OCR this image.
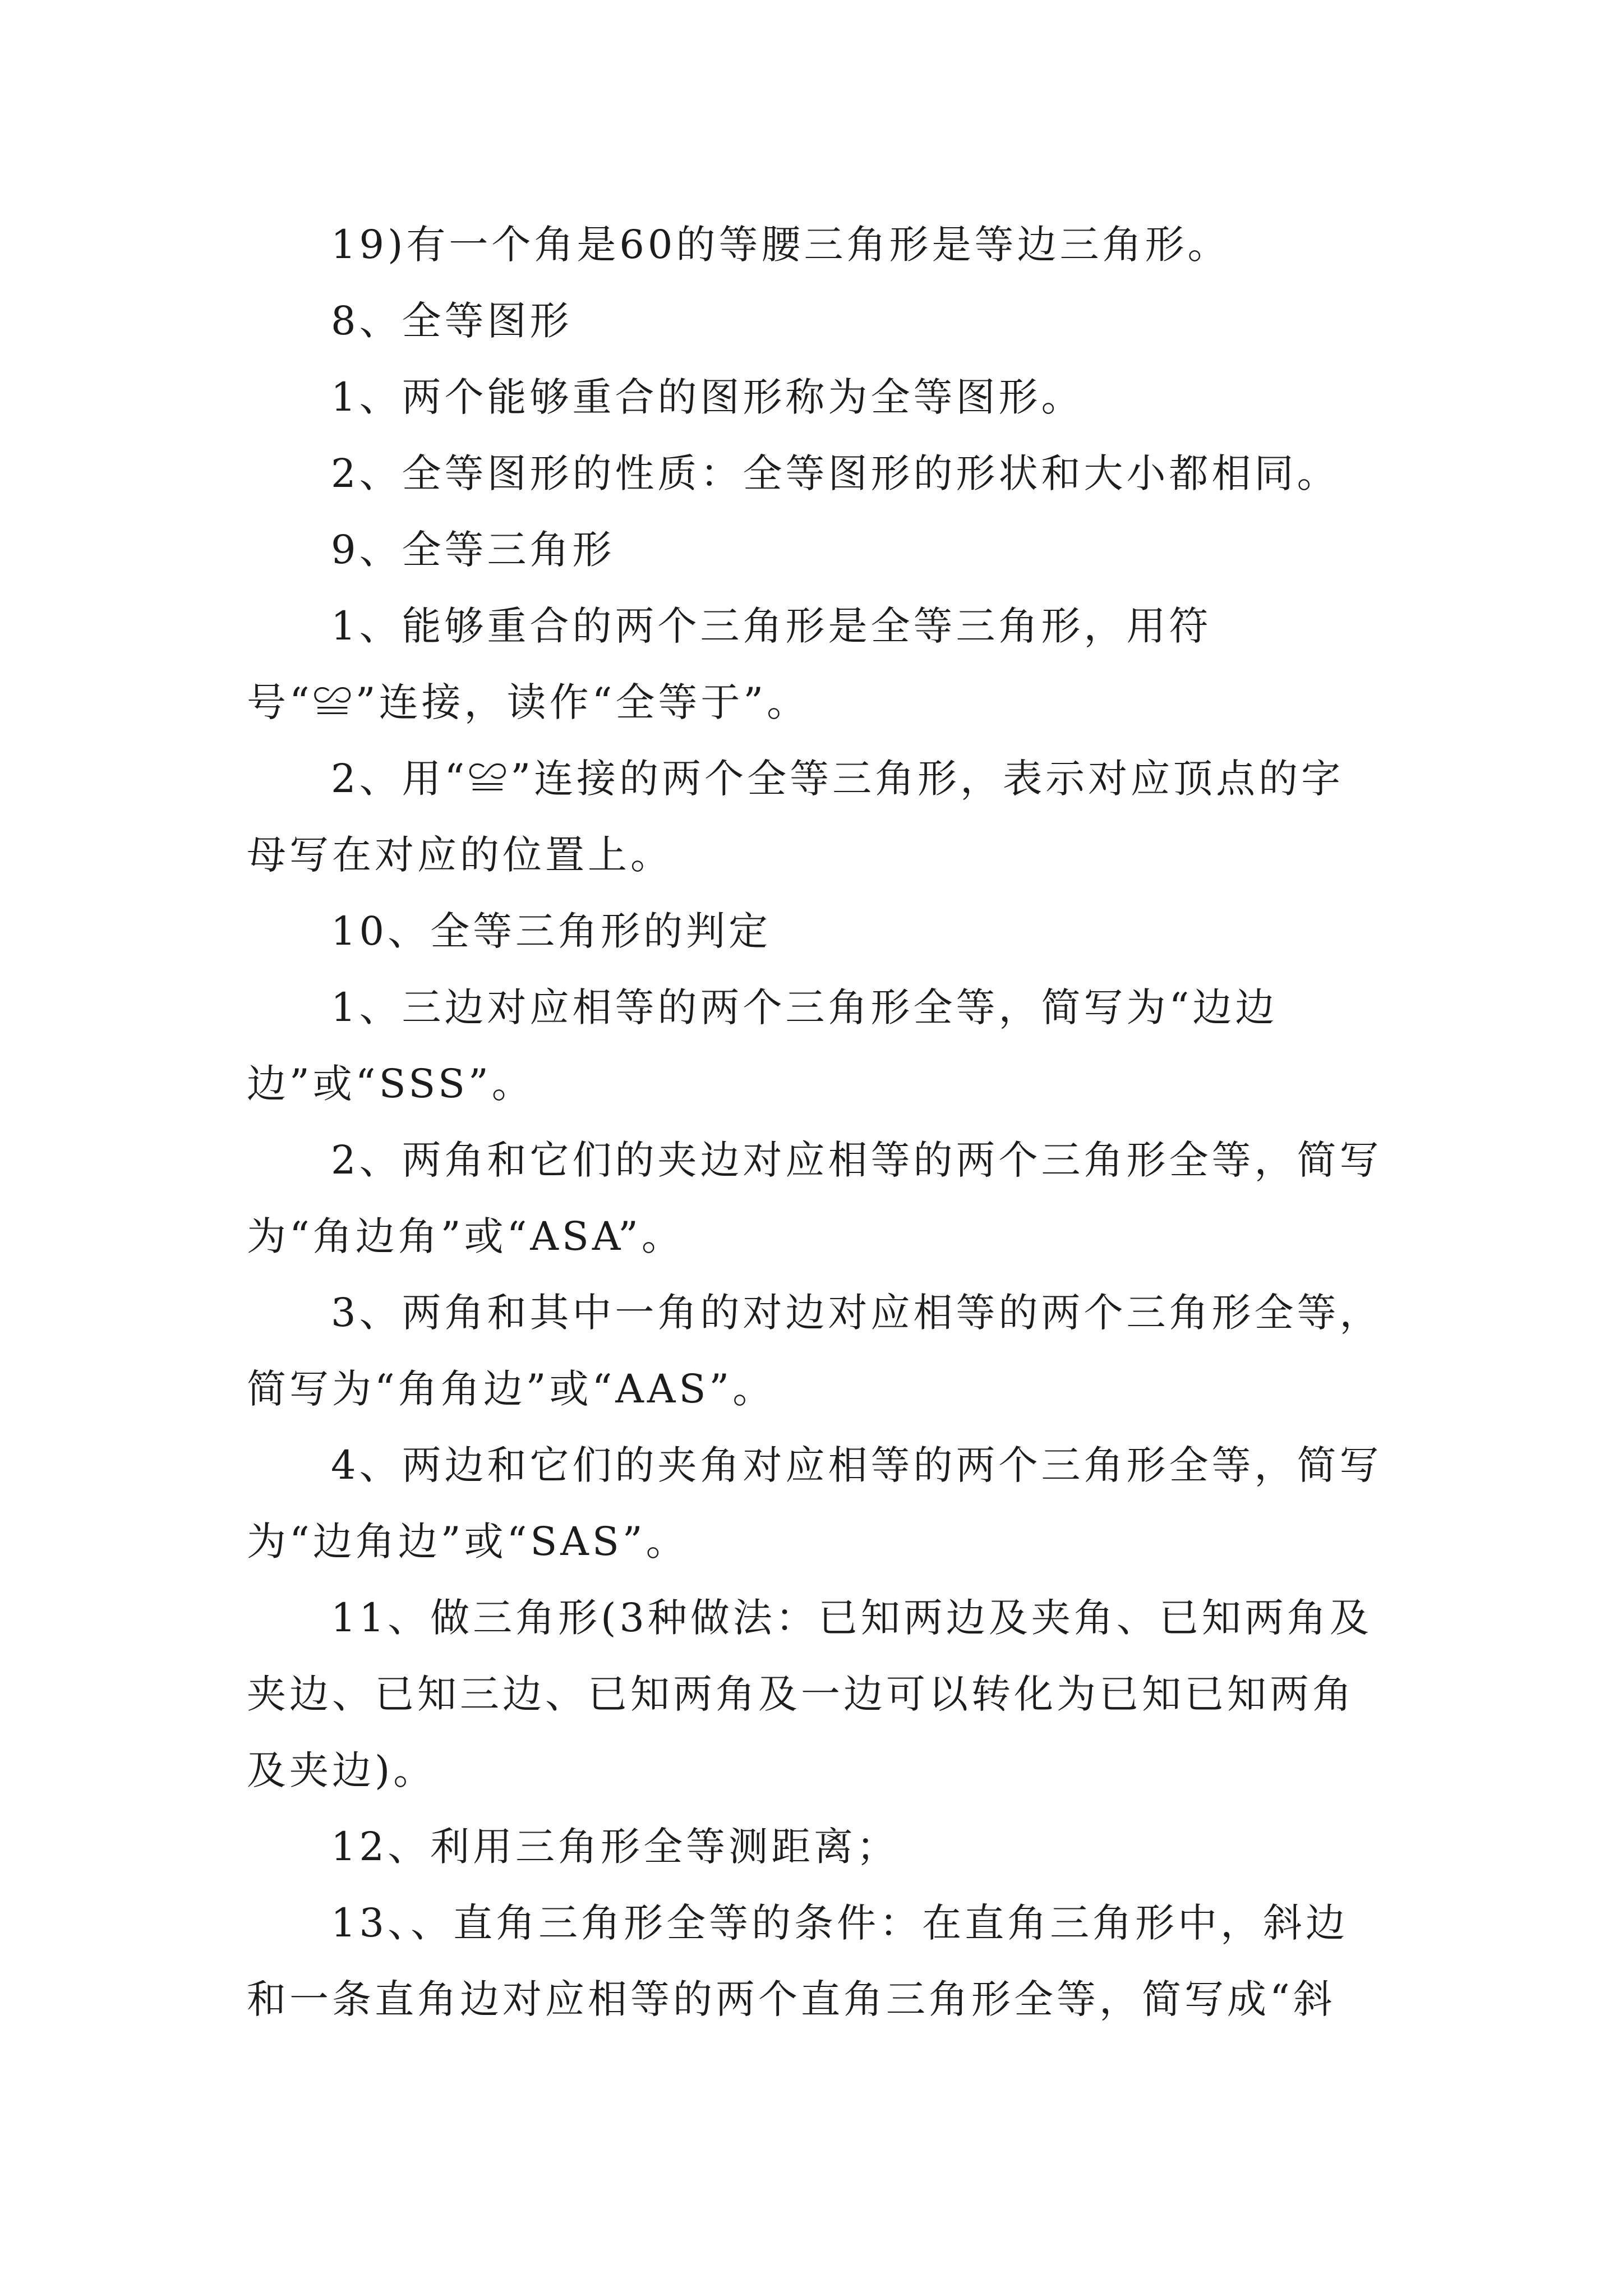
19)有一个角是60的等腰三角形是等边三角形。

8、全等图形

1、两个能够重合的图形称为全等图形。

2、全等图形的性质：全等图形的形状和大小都相同。

9、全等三角形

1、能够重合的两个三角形是全等三角形，用符号“≌”连接，读作“全等于”。

2、用“≌”连接的两个全等三角形，表示对应顶点的字母写在对应的位置上。

10、全等三角形的判定

1、三边对应相等的两个三角形全等，简写为“边边边”或“SSS”。

2、两角和它们的夹边对应相等的两个三角形全等，简写为“角边角”或“ASA”。

3、两角和其中一角的对边对应相等的两个三角形全等，简写为“角角边”或“AAS”。

4、两边和它们的夹角对应相等的两个三角形全等，简写为“边角边”或“SAS”。

11、做三角形(3种做法：已知两边及夹角、已知两角及夹边、已知三边、已知两角及一边可以转化为已知已知两角及夹边)。

12、利用三角形全等测距离；

13、、直角三角形全等的条件：在直角三角形中，斜边和一条直角边对应相等的两个直角三角形全等，简写成“斜
